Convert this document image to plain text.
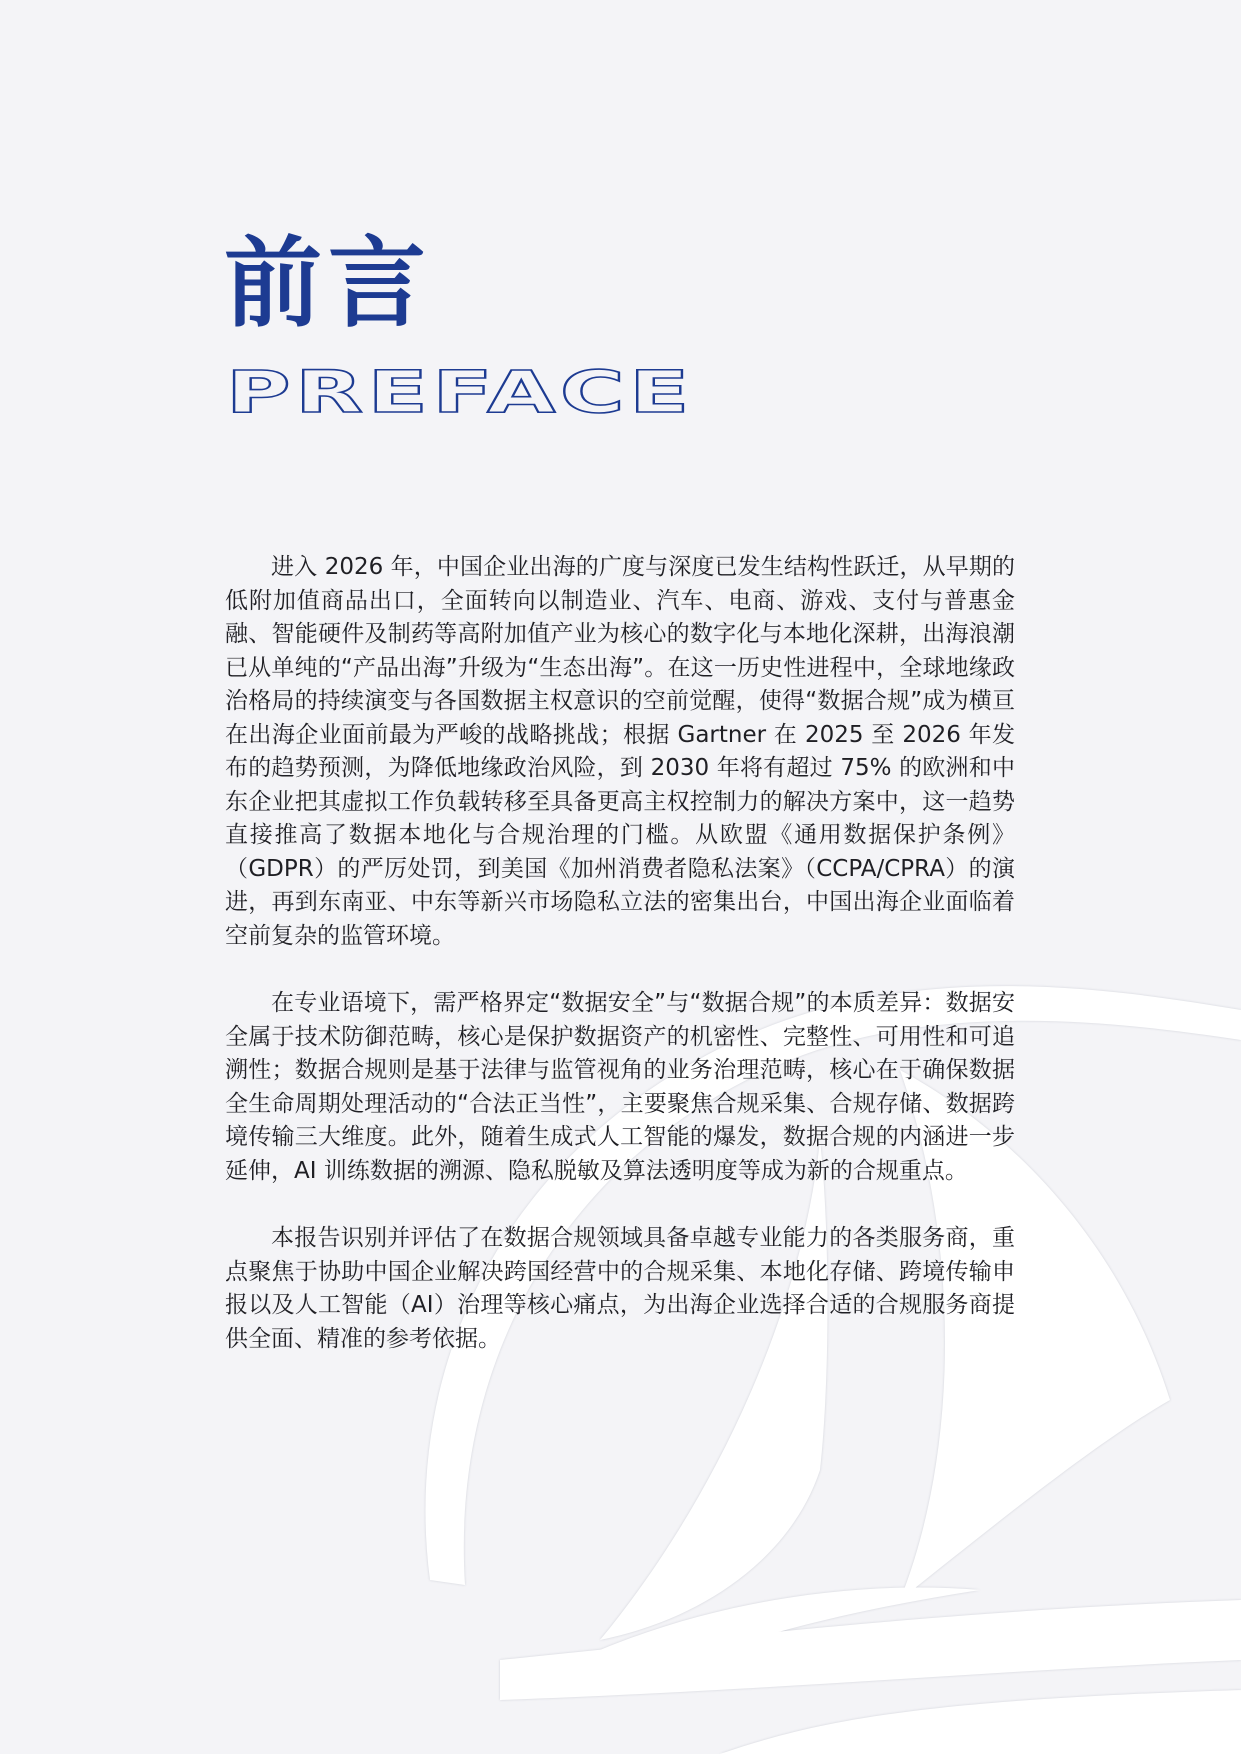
前言
PREFACE

进入 2026 年，中国企业出海的广度与深度已发生结构性跃迁，从早期的低附加值商品出口，全面转向以制造业、汽车、电商、游戏、支付与普惠金融、智能硬件及制药等高附加值产业为核心的数字化与本地化深耕，出海浪潮已从单纯的“产品出海”升级为“生态出海”。在这一历史性进程中，全球地缘政治格局的持续演变与各国数据主权意识的空前觉醒，使得“数据合规”成为横亘在出海企业面前最为严峻的战略挑战；根据 Gartner 在 2025 至 2026 年发布的趋势预测，为降低地缘政治风险，到 2030 年将有超过 75% 的欧洲和中东企业把其虚拟工作负载转移至具备更高主权控制力的解决方案中，这一趋势直接推高了数据本地化与合规治理的门槛。从欧盟《通用数据保护条例》（GDPR）的严厉处罚，到美国《加州消费者隐私法案》（CCPA/CPRA）的演进，再到东南亚、中东等新兴市场隐私立法的密集出台，中国出海企业面临着空前复杂的监管环境。

在专业语境下，需严格界定“数据安全”与“数据合规”的本质差异：数据安全属于技术防御范畴，核心是保护数据资产的机密性、完整性、可用性和可追溯性；数据合规则是基于法律与监管视角的业务治理范畴，核心在于确保数据全生命周期处理活动的“合法正当性”，主要聚焦合规采集、合规存储、数据跨境传输三大维度。此外，随着生成式人工智能的爆发，数据合规的内涵进一步延伸，AI 训练数据的溯源、隐私脱敏及算法透明度等成为新的合规重点。

本报告识别并评估了在数据合规领域具备卓越专业能力的各类服务商，重点聚焦于协助中国企业解决跨国经营中的合规采集、本地化存储、跨境传输申报以及人工智能（AI）治理等核心痛点，为出海企业选择合适的合规服务商提供全面、精准的参考依据。
